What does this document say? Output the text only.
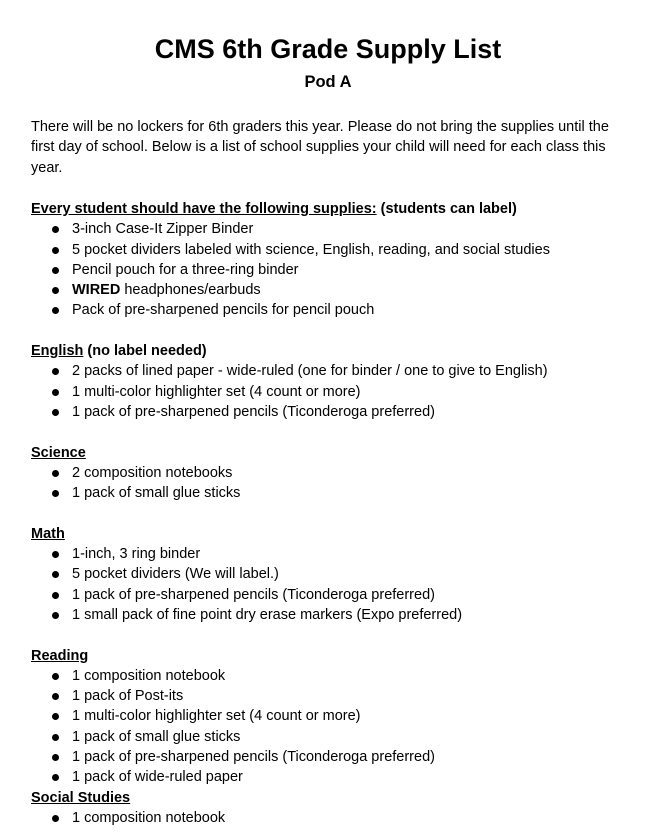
CMS 6th Grade Supply List
Pod A
There will be no lockers for 6th graders this year. Please do not bring the supplies until the first day of school. Below is a list of school supplies your child will need for each class this year.
Every student should have the following supplies: (students can label)
3-inch Case-It Zipper Binder
5 pocket dividers labeled with science, English, reading, and social studies
Pencil pouch for a three-ring binder
WIRED headphones/earbuds
Pack of pre-sharpened pencils for pencil pouch
English (no label needed)
2 packs of lined paper - wide-ruled (one for binder / one to give to English)
1 multi-color highlighter set (4 count or more)
1 pack of pre-sharpened pencils (Ticonderoga preferred)
Science
2 composition notebooks
1 pack of small glue sticks
Math
1-inch, 3 ring binder
5 pocket dividers (We will label.)
1 pack of pre-sharpened pencils (Ticonderoga preferred)
1 small pack of fine point dry erase markers (Expo preferred)
Reading
1 composition notebook
1 pack of Post-its
1 multi-color highlighter set (4 count or more)
1 pack of small glue sticks
1 pack of pre-sharpened pencils (Ticonderoga preferred)
1 pack of wide-ruled paper
Social Studies
1 composition notebook
